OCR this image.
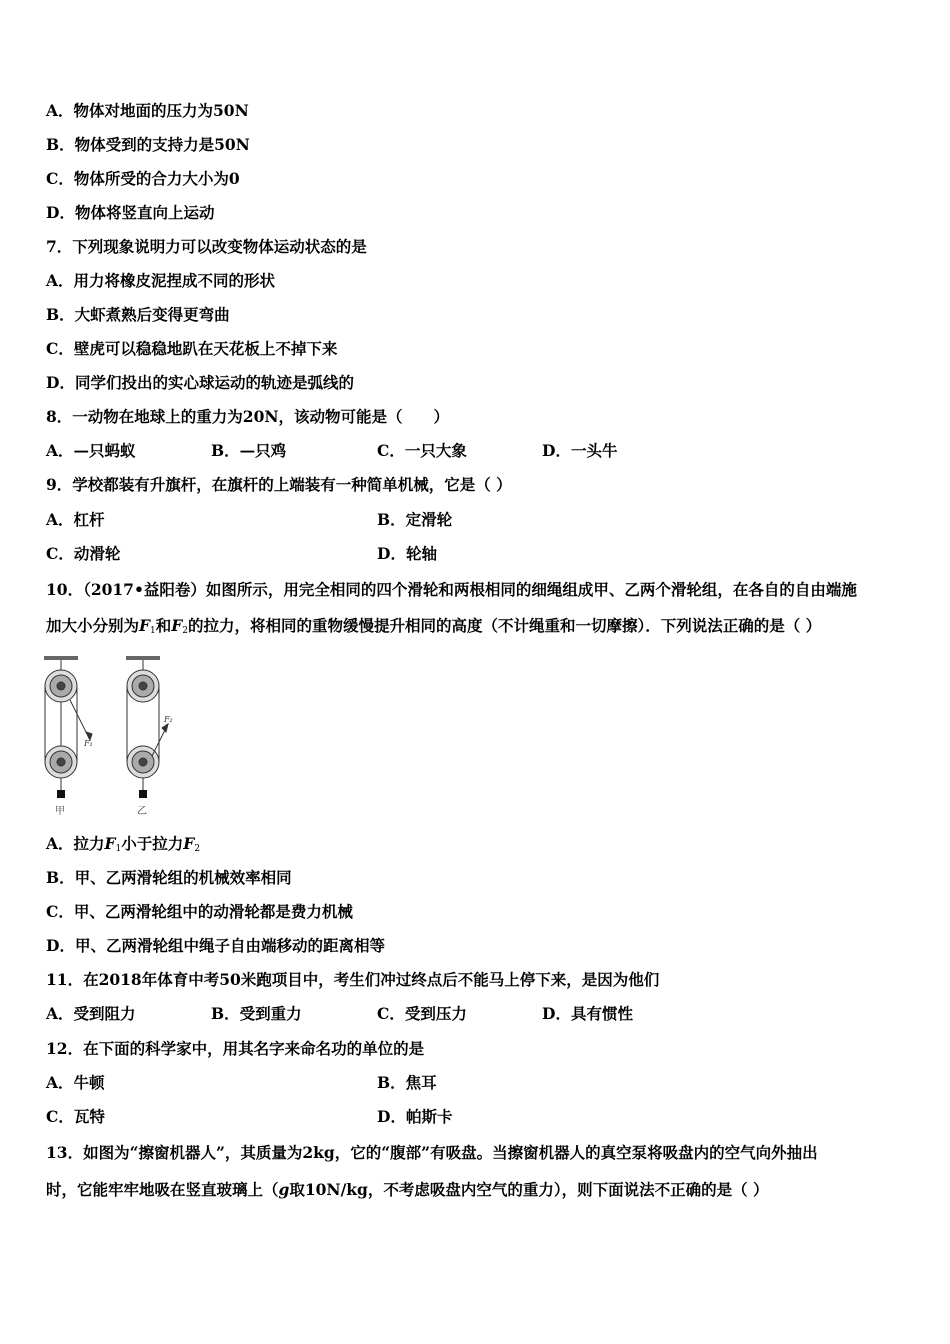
A．物体对地面的压力为50N
B．物体受到的支持力是50N
C．物体所受的合力大小为0
D．物体将竖直向上运动
7．下列现象说明力可以改变物体运动状态的是
A．用力将橡皮泥捏成不同的形状
B．大虾煮熟后变得更弯曲
C．壁虎可以稳稳地趴在天花板上不掉下来
D．同学们投出的实心球运动的轨迹是弧线的
8．一动物在地球上的重力为20N，该动物可能是（　　）
A．—只蚂蚁	B．—只鸡	C．一只大象	D．一头牛
9．学校都装有升旗杆，在旗杆的上端装有一种简单机械，它是（ ）
A．杠杆	B．定滑轮
C．动滑轮	D．轮轴
10．（2017•益阳卷）如图所示，用完全相同的四个滑轮和两根相同的细绳组成甲、乙两个滑轮组，在各自的自由端施
加大小分别为$F_1$和$F_2$的拉力，将相同的重物缓慢提升相同的高度（不计绳重和一切摩擦）．下列说法正确的是（ ）
F₁
F₂
甲	乙
A．拉力$F_1$小于拉力$F_2$
B．甲、乙两滑轮组的机械效率相同
C．甲、乙两滑轮组中的动滑轮都是费力机械
D．甲、乙两滑轮组中绳子自由端移动的距离相等
11．在2018年体育中考50米跑项目中，考生们冲过终点后不能马上停下来，是因为他们
A．受到阻力	B．受到重力	C．受到压力	D．具有惯性
12．在下面的科学家中，用其名字来命名功的单位的是
A．牛顿	B．焦耳
C．瓦特	D．帕斯卡
13．如图为“擦窗机器人”，其质量为2kg，它的“腹部”有吸盘。当擦窗机器人的真空泵将吸盘内的空气向外抽出
时，它能牢牢地吸在竖直玻璃上（g取10N/kg，不考虑吸盘内空气的重力），则下面说法不正确的是（ ）
